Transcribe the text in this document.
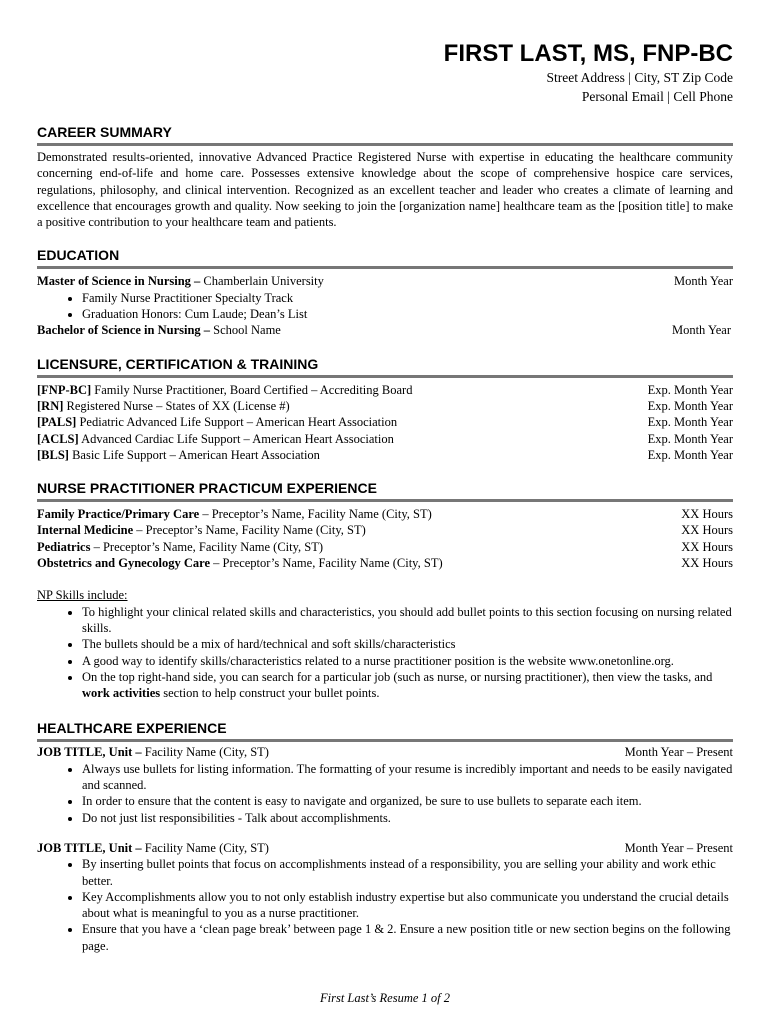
FIRST LAST, MS, FNP-BC
Street Address | City, ST Zip Code
Personal Email | Cell Phone
CAREER SUMMARY
Demonstrated results-oriented, innovative Advanced Practice Registered Nurse with expertise in educating the healthcare community concerning end-of-life and home care. Possesses extensive knowledge about the scope of comprehensive hospice care services, regulations, philosophy, and clinical intervention. Recognized as an excellent teacher and leader who creates a climate of learning and excellence that encourages growth and quality. Now seeking to join the [organization name] healthcare team as the [position title] to make a positive contribution to your healthcare team and patients.
EDUCATION
Master of Science in Nursing – Chamberlain University	Month Year
• Family Nurse Practitioner Specialty Track
• Graduation Honors: Cum Laude; Dean’s List
Bachelor of Science in Nursing – School Name	Month Year
LICENSURE, CERTIFICATION & TRAINING
[FNP-BC] Family Nurse Practitioner, Board Certified – Accrediting Board	Exp. Month Year
[RN] Registered Nurse – States of XX (License #)	Exp. Month Year
[PALS] Pediatric Advanced Life Support – American Heart Association	Exp. Month Year
[ACLS] Advanced Cardiac Life Support – American Heart Association	Exp. Month Year
[BLS] Basic Life Support – American Heart Association	Exp. Month Year
NURSE PRACTITIONER PRACTICUM EXPERIENCE
Family Practice/Primary Care – Preceptor’s Name, Facility Name (City, ST)	XX Hours
Internal Medicine – Preceptor’s Name, Facility Name (City, ST)	XX Hours
Pediatrics – Preceptor’s Name, Facility Name (City, ST)	XX Hours
Obstetrics and Gynecology Care – Preceptor’s Name, Facility Name (City, ST)	XX Hours
NP Skills include:
• To highlight your clinical related skills and characteristics, you should add bullet points to this section focusing on nursing related skills.
• The bullets should be a mix of hard/technical and soft skills/characteristics
• A good way to identify skills/characteristics related to a nurse practitioner position is the website www.onetonline.org.
• On the top right-hand side, you can search for a particular job (such as nurse, or nursing practitioner), then view the tasks, and work activities section to help construct your bullet points.
HEALTHCARE EXPERIENCE
JOB TITLE, Unit – Facility Name (City, ST)	Month Year – Present
• Always use bullets for listing information. The formatting of your resume is incredibly important and needs to be easily navigated and scanned.
• In order to ensure that the content is easy to navigate and organized, be sure to use bullets to separate each item.
• Do not just list responsibilities - Talk about accomplishments.
JOB TITLE, Unit – Facility Name (City, ST)	Month Year – Present
• By inserting bullet points that focus on accomplishments instead of a responsibility, you are selling your ability and work ethic better.
• Key Accomplishments allow you to not only establish industry expertise but also communicate you understand the crucial details about what is meaningful to you as a nurse practitioner.
• Ensure that you have a ‘clean page break’ between page 1 & 2. Ensure a new position title or new section begins on the following page.
First Last’s Resume 1 of 2
